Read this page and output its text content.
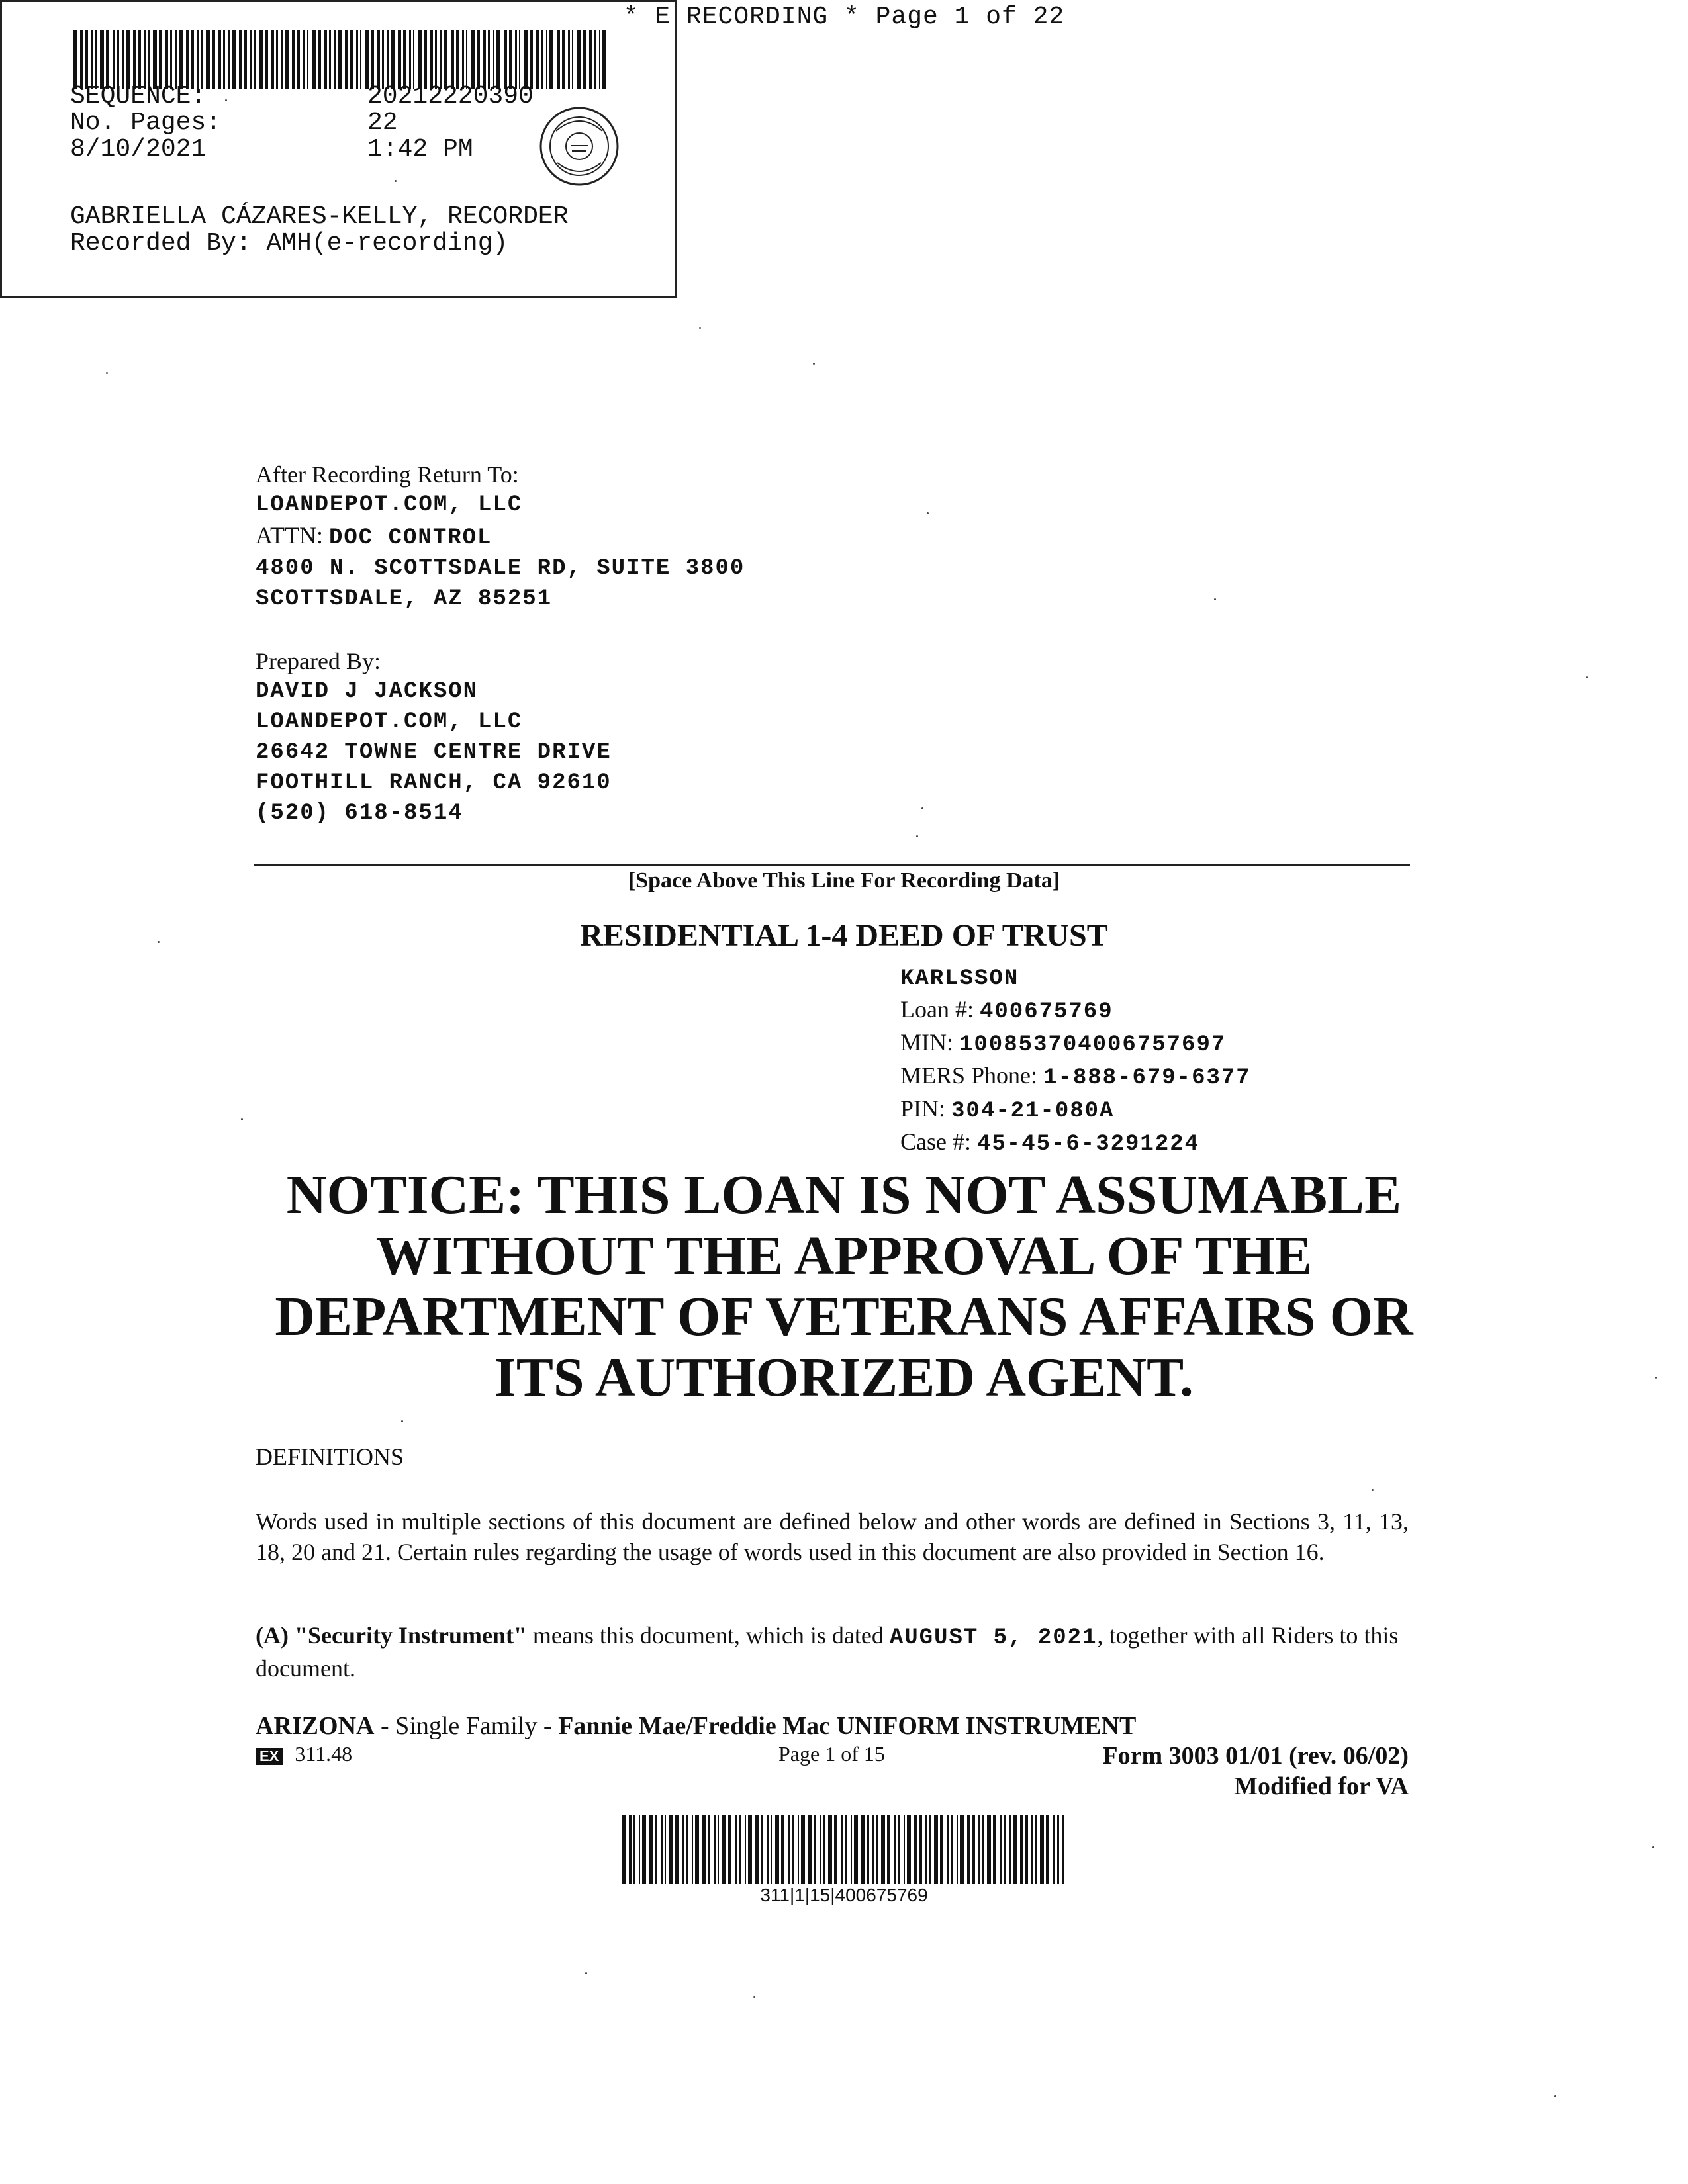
* E RECORDING * Page 1 of 22
SEQUENCE:	20212220390
No. Pages:	22
8/10/2021	1:42 PM
GABRIELLA CÁZARES-KELLY, RECORDER
Recorded By: AMH(e-recording)
After Recording Return To:
LOANDEPOT.COM, LLC
ATTN: DOC CONTROL
4800 N. SCOTTSDALE RD, SUITE 3800
SCOTTSDALE, AZ 85251
Prepared By:
DAVID J JACKSON
LOANDEPOT.COM, LLC
26642 TOWNE CENTRE DRIVE
FOOTHILL RANCH, CA 92610
(520) 618-8514
[Space Above This Line For Recording Data]
RESIDENTIAL 1-4 DEED OF TRUST
KARLSSON
Loan #: 400675769
MIN: 100853704006757697
MERS Phone: 1-888-679-6377
PIN: 304-21-080A
Case #: 45-45-6-3291224
NOTICE: THIS LOAN IS NOT ASSUMABLE
WITHOUT THE APPROVAL OF THE
DEPARTMENT OF VETERANS AFFAIRS OR
ITS AUTHORIZED AGENT.
DEFINITIONS
Words used in multiple sections of this document are defined below and other words are defined in Sections 3, 11, 13, 18, 20 and 21. Certain rules regarding the usage of words used in this document are also provided in Section 16.
(A) "Security Instrument" means this document, which is dated AUGUST 5, 2021, together with all Riders to this document.
ARIZONA - Single Family - Fannie Mae/Freddie Mac UNIFORM INSTRUMENT
EX 311.48	Page 1 of 15	Form 3003 01/01 (rev. 06/02)
Modified for VA
311|1|15|400675769
